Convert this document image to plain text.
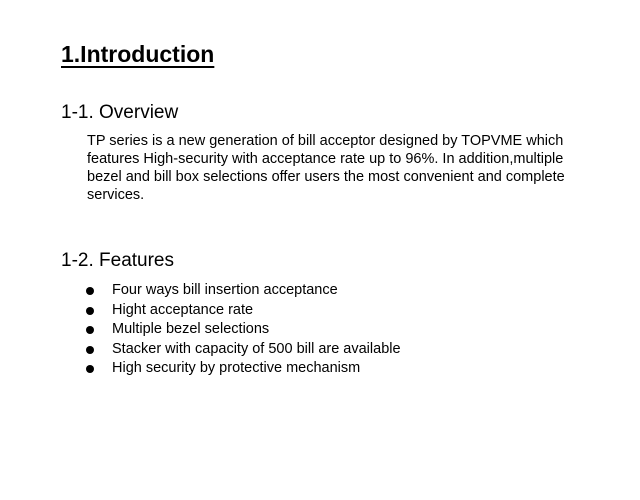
1.Introduction
1-1. Overview

TP series is a new generation of bill acceptor designed by TOPVME which features High-security with acceptance rate up to 96%. In addition,multiple bezel and bill box selections offer users the most convenient and complete services.

1-2. Features
Four ways bill insertion acceptance
Hight acceptance rate
Multiple bezel selections
Stacker with capacity of 500 bill are available
High security by protective mechanism
